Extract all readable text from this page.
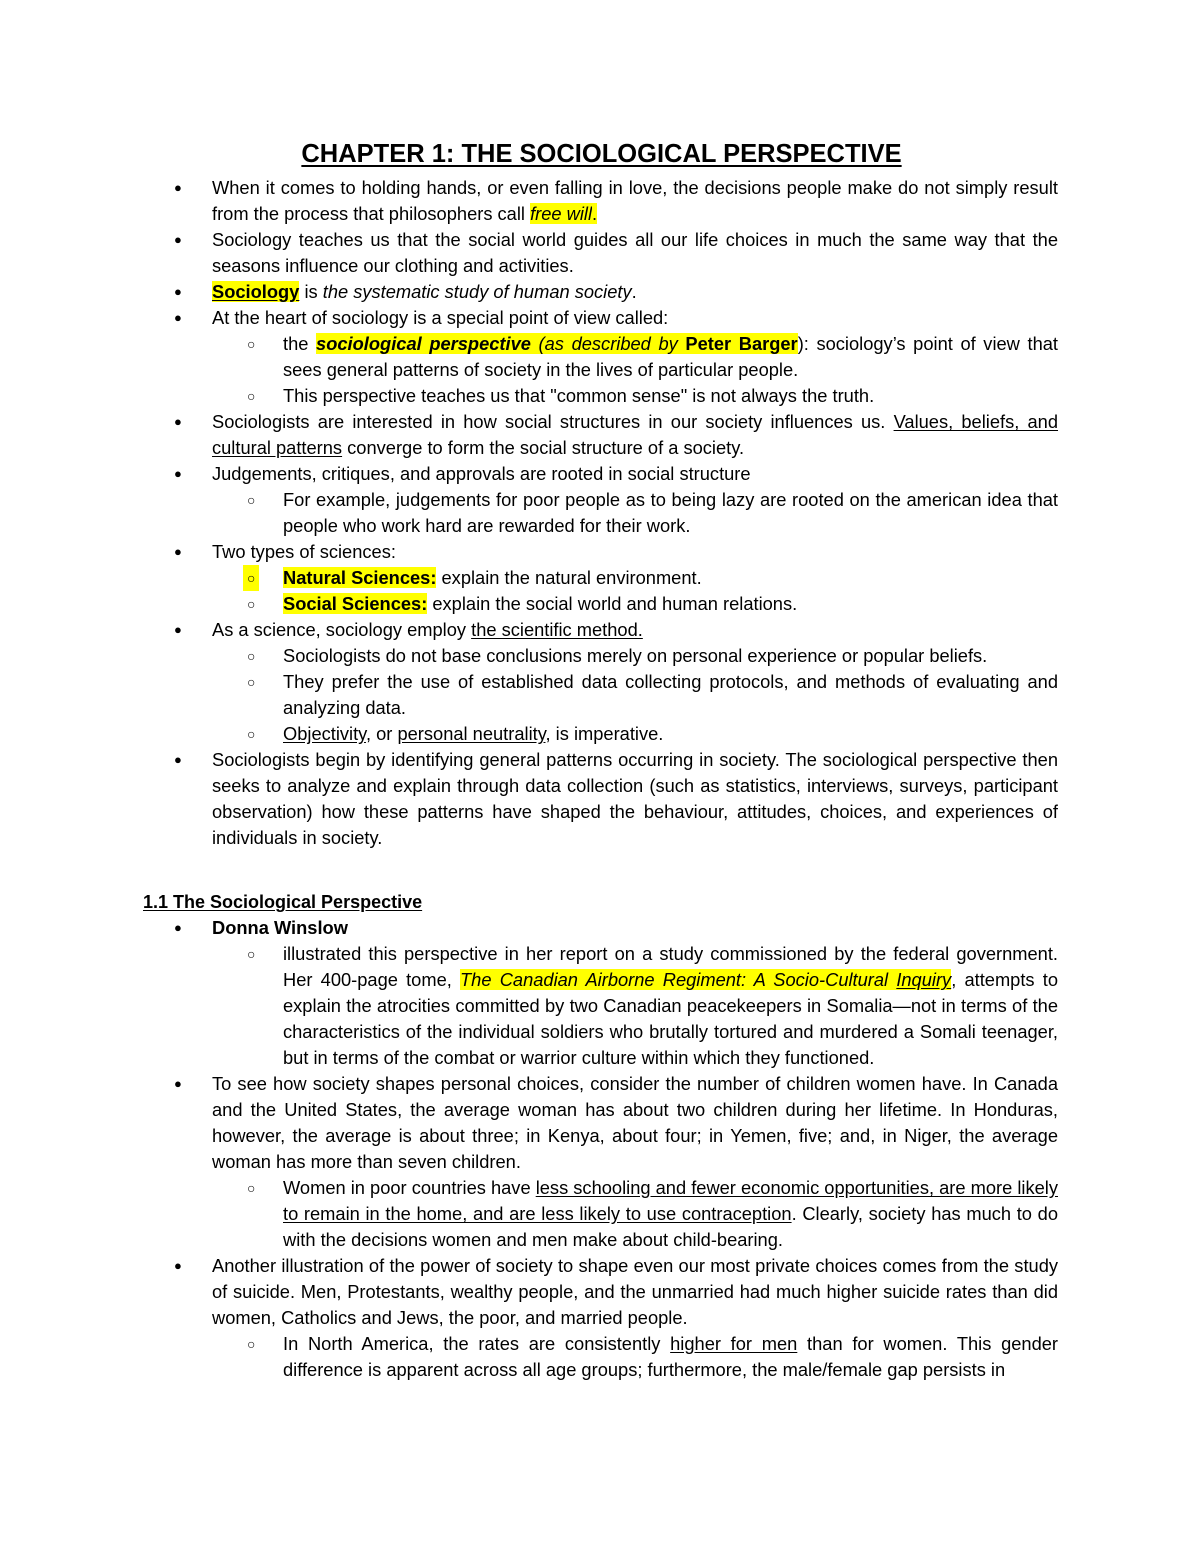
CHAPTER 1: THE SOCIOLOGICAL PERSPECTIVE
● When it comes to holding hands, or even falling in love, the decisions people make do not simply result from the process that philosophers call free will.
● Sociology teaches us that the social world guides all our life choices in much the same way that the seasons influence our clothing and activities.
● Sociology is the systematic study of human society.
● At the heart of sociology is a special point of view called:
○ the sociological perspective (as described by Peter Barger): sociology’s point of view that sees general patterns of society in the lives of particular people.
○ This perspective teaches us that "common sense" is not always the truth.
● Sociologists are interested in how social structures in our society influences us. Values, beliefs, and cultural patterns converge to form the social structure of a society.
● Judgements, critiques, and approvals are rooted in social structure
○ For example, judgements for poor people as to being lazy are rooted on the american idea that people who work hard are rewarded for their work.
● Two types of sciences:
○ Natural Sciences: explain the natural environment.
○ Social Sciences: explain the social world and human relations.
● As a science, sociology employ the scientific method.
○ Sociologists do not base conclusions merely on personal experience or popular beliefs.
○ They prefer the use of established data collecting protocols, and methods of evaluating and analyzing data.
○ Objectivity, or personal neutrality, is imperative.
● Sociologists begin by identifying general patterns occurring in society. The sociological perspective then seeks to analyze and explain through data collection (such as statistics, interviews, surveys, participant observation) how these patterns have shaped the behaviour, attitudes, choices, and experiences of individuals in society.
1.1 The Sociological Perspective
● Donna Winslow
○ illustrated this perspective in her report on a study commissioned by the federal government. Her 400-page tome, The Canadian Airborne Regiment: A Socio-Cultural Inquiry, attempts to explain the atrocities committed by two Canadian peacekeepers in Somalia—not in terms of the characteristics of the individual soldiers who brutally tortured and murdered a Somali teenager, but in terms of the combat or warrior culture within which they functioned.
● To see how society shapes personal choices, consider the number of children women have. In Canada and the United States, the average woman has about two children during her lifetime. In Honduras, however, the average is about three; in Kenya, about four; in Yemen, five; and, in Niger, the average woman has more than seven children.
○ Women in poor countries have less schooling and fewer economic opportunities, are more likely to remain in the home, and are less likely to use contraception. Clearly, society has much to do with the decisions women and men make about child-bearing.
● Another illustration of the power of society to shape even our most private choices comes from the study of suicide. Men, Protestants, wealthy people, and the unmarried had much higher suicide rates than did women, Catholics and Jews, the poor, and married people.
○ In North America, the rates are consistently higher for men than for women. This gender difference is apparent across all age groups; furthermore, the male/female gap persists in
